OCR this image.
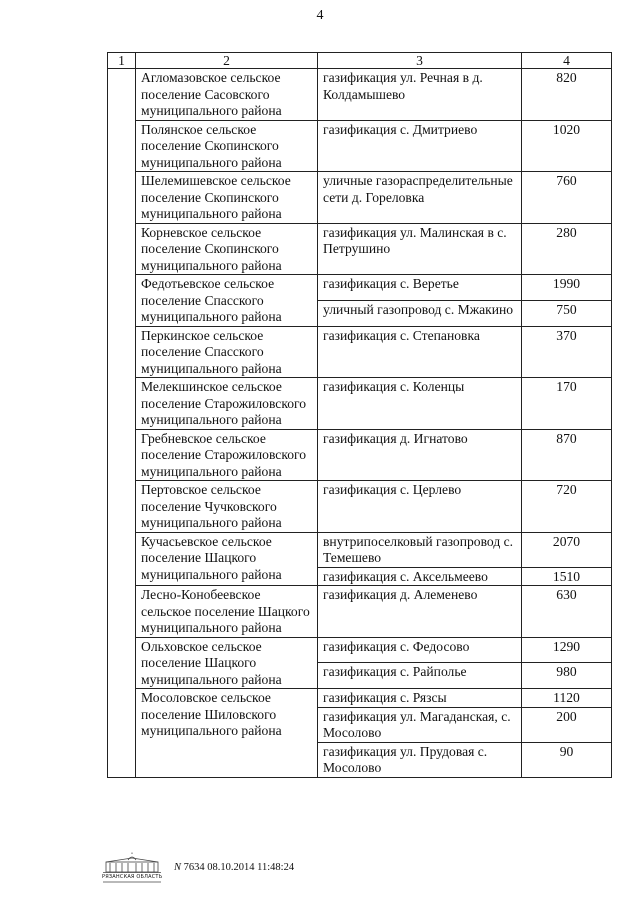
4
1	2	3	4
	Агломазовское сельское поселение Сасовского муниципального района	газификация ул. Речная в д. Колдамышево	820
	Полянское сельское поселение Скопинского муниципального района	газификация с. Дмитриево	1020
	Шелемишевское сельское поселение Скопинского муниципального района	уличные газораспределительные сети д. Гореловка	760
	Корневское сельское поселение Скопинского муниципального района	газификация ул. Малинская в с. Петрушино	280
	Федотьевское сельское поселение Спасского муниципального района	газификация с. Веретье	1990
		уличный газопровод с. Мжакино	750
	Перкинское сельское поселение Спасского муниципального района	газификация с. Степановка	370
	Мелекшинское сельское поселение Старожиловского муниципального района	газификация с. Коленцы	170
	Гребневское сельское поселение Старожиловского муниципального района	газификация д. Игнатово	870
	Пертовское сельское поселение Чучковского муниципального района	газификация с. Церлево	720
	Кучасьевское сельское поселение Шацкого муниципального района	внутрипоселковый газопровод с. Темешево	2070
		газификация с. Аксельмеево	1510
	Лесно-Конобеевское сельское поселение Шацкого муниципального района	газификация д. Алеменево	630
	Ольховское сельское поселение Шацкого муниципального района	газификация с. Федосово	1290
		газификация с. Райполье	980
	Мосоловское сельское поселение Шиловского муниципального района	газификация с. Рязсы	1120
		газификация ул. Магаданская, с. Мосолово	200
		газификация ул. Прудовая с. Мосолово	90
РЯЗАНСКАЯ ОБЛАСТЬ
N 7634 08.10.2014 11:48:24
